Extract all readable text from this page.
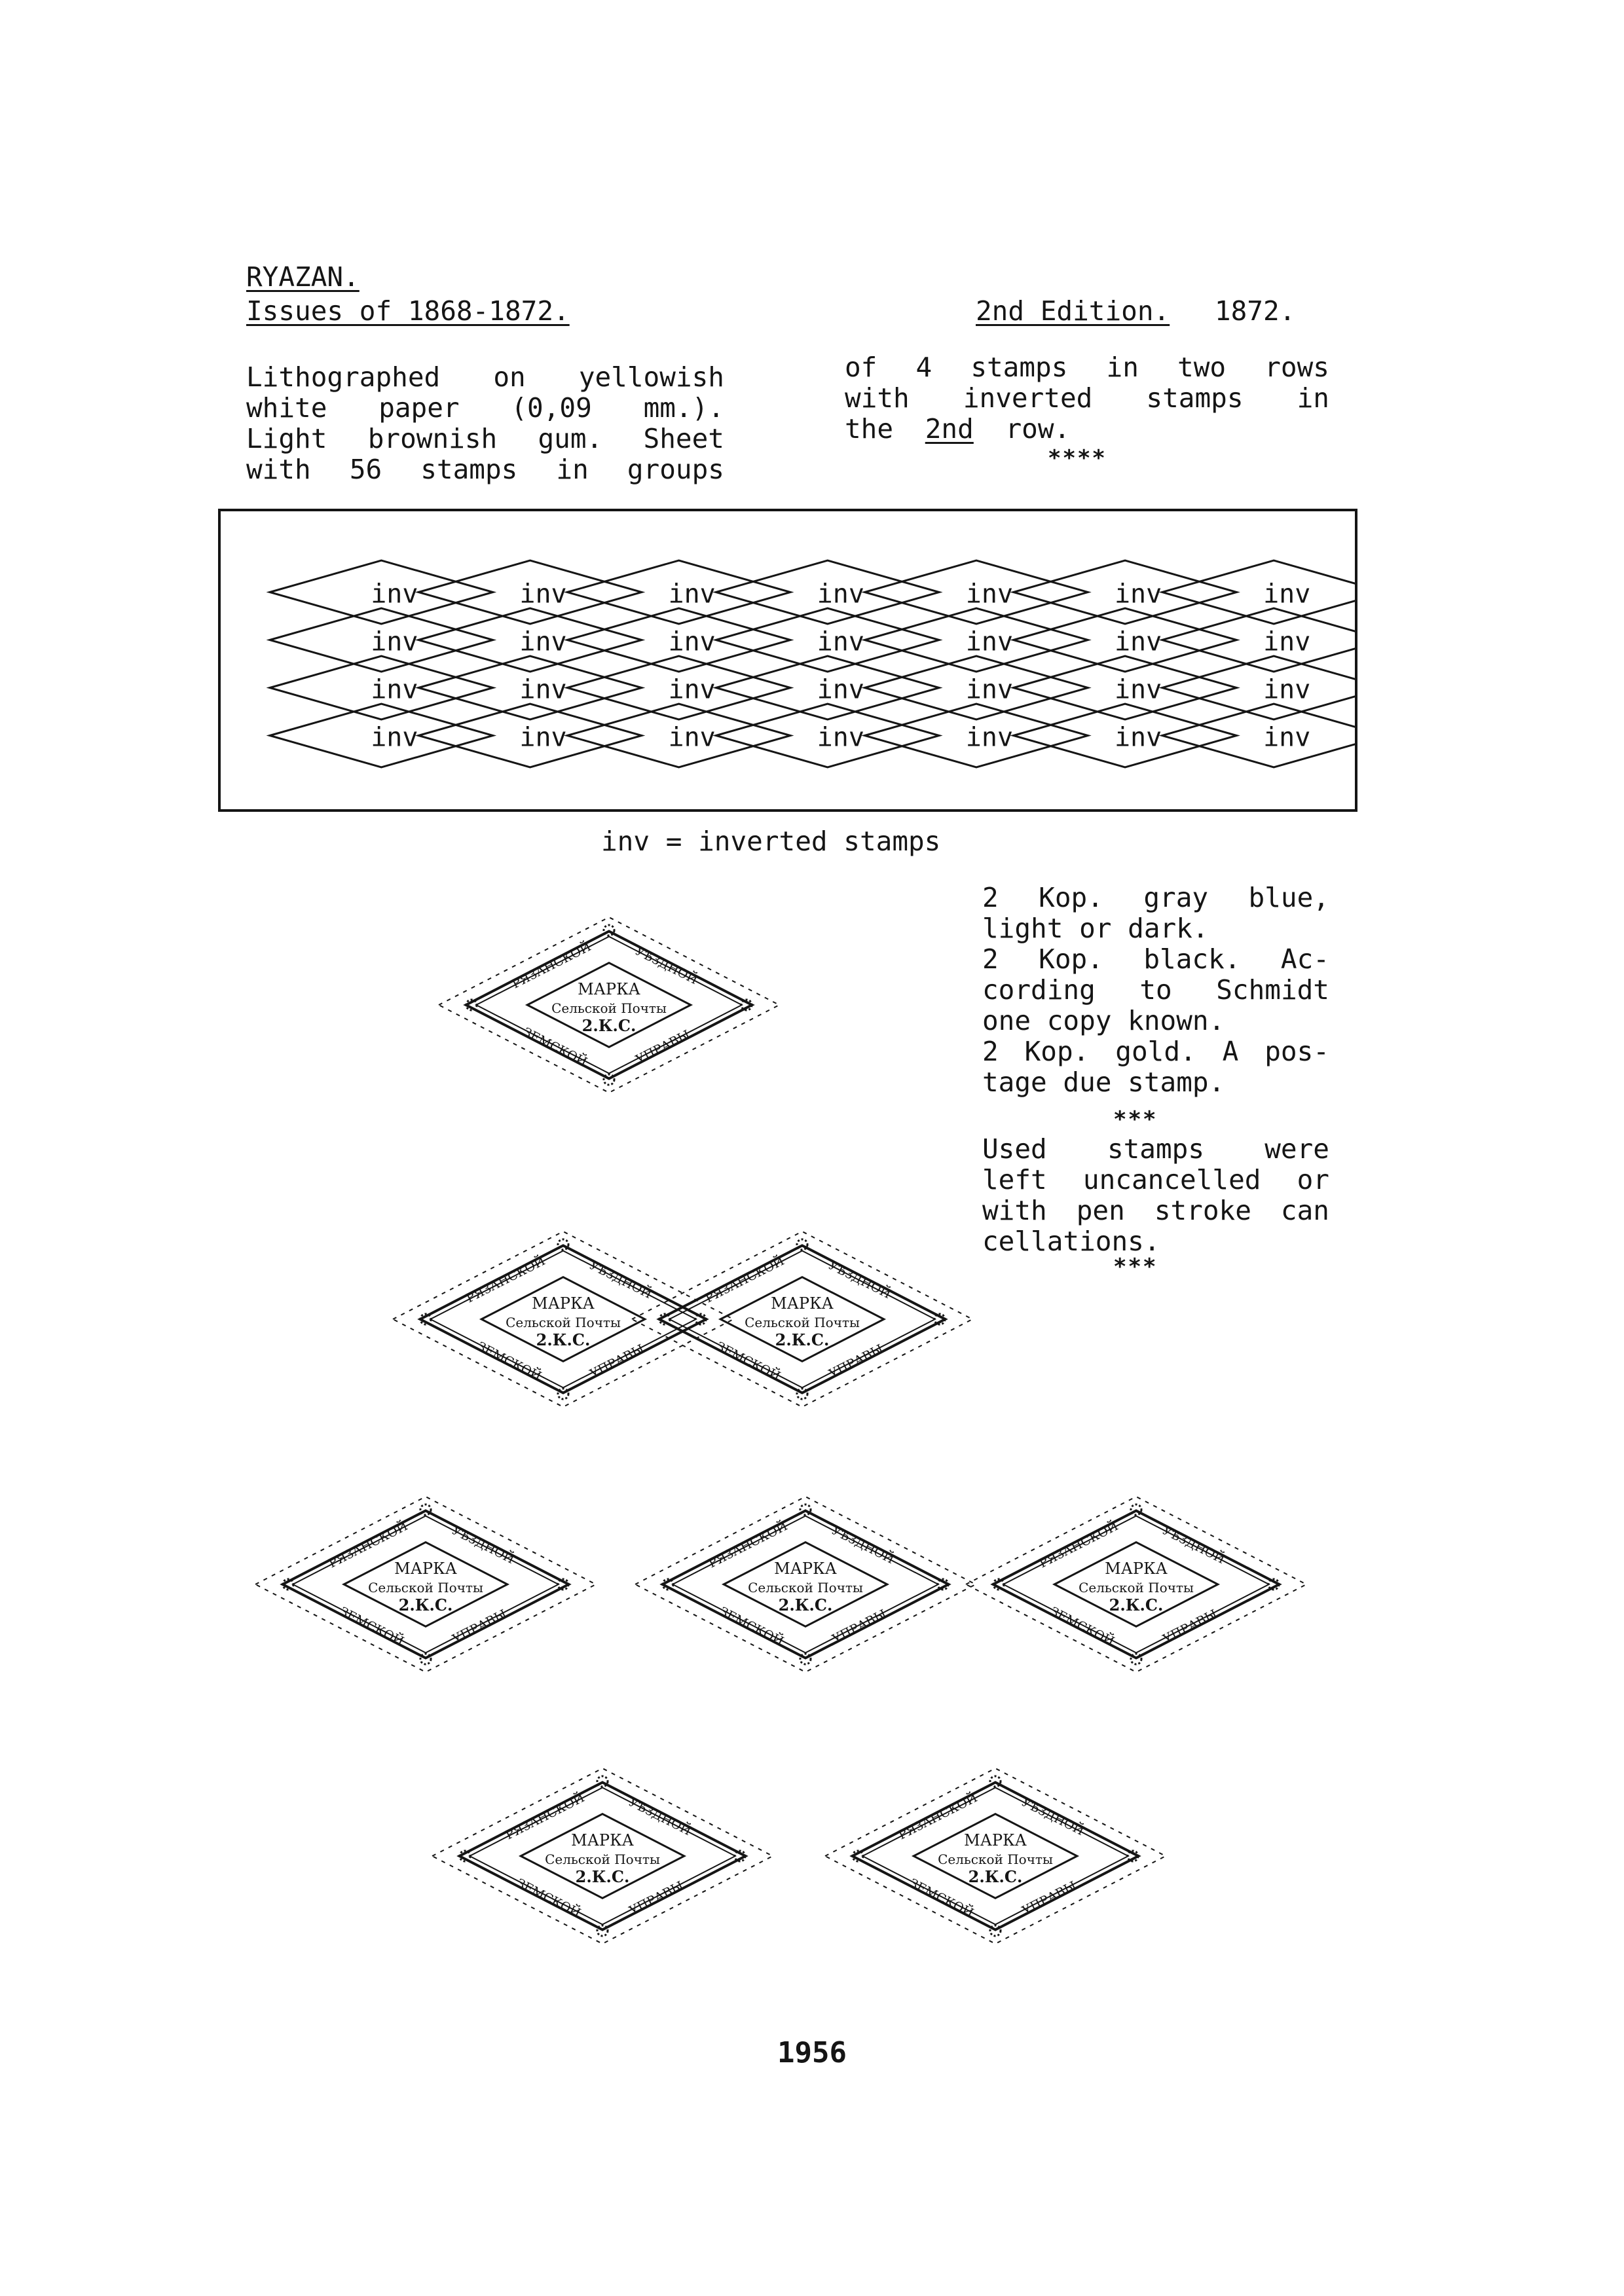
RYAZAN.
Issues of 1868-1872.	2nd Edition. 1872.
Lithographed on yellowish
white paper (0,09 mm.).
Light brownish gum. Sheet
with 56 stamps in groups
of 4 stamps in two rows
with inverted stamps in
the 2nd row.
****
inv	inv	inv	inv	inv	inv	inv
inv	inv	inv	inv	inv	inv	inv
inv	inv	inv	inv	inv	inv	inv
inv	inv	inv	inv	inv	inv	inv
inv = inverted stamps
2 Kop. gray blue,
light or dark.
2 Kop. black. Ac-
cording to Schmidt
one copy known.
2 Kop. gold. A pos-
tage due stamp.
***
Used stamps were
left uncancelled or
with pen stroke can
cellations.
***
РЯЗАНСКОЙ	УѢЗДНОЙ
МАРКА
Сельской Почты
2.К.С.
ЗЕМСКОЙ	УПРАВЫ
РЯЗАНСКОЙ	УѢЗДНОЙ
МАРКА
Сельской Почты
2.К.С.
ЗЕМСКОЙ	УПРАВЫ
РЯЗАНСКОЙ	УѢЗДНОЙ
МАРКА
Сельской Почты
2.К.С.
ЗЕМСКОЙ	УПРАВЫ
РЯЗАНСКОЙ	УѢЗДНОЙ
МАРКА
Сельской Почты
2.К.С.
ЗЕМСКОЙ	УПРАВЫ
РЯЗАНСКОЙ	УѢЗДНОЙ
МАРКА
Сельской Почты
2.К.С.
ЗЕМСКОЙ	УПРАВЫ
РЯЗАНСКОЙ	УѢЗДНОЙ
МАРКА
Сельской Почты
2.К.С.
ЗЕМСКОЙ	УПРАВЫ
РЯЗАНСКОЙ	УѢЗДНОЙ
МАРКА
Сельской Почты
2.К.С.
ЗЕМСКОЙ	УПРАВЫ
РЯЗАНСКОЙ	УѢЗДНОЙ
МАРКА
Сельской Почты
2.К.С.
ЗЕМСКОЙ	УПРАВЫ
1956
